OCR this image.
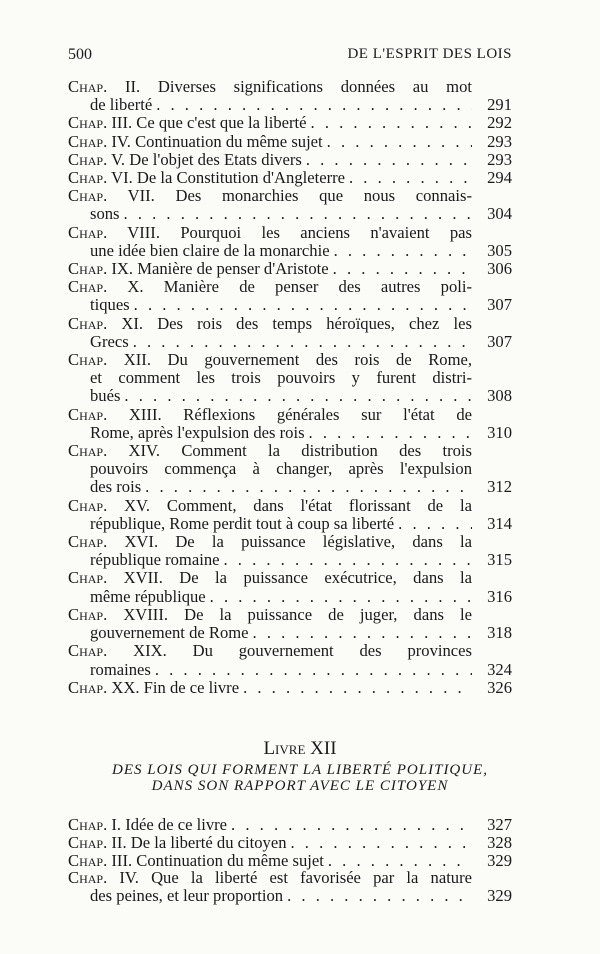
500	DE L'ESPRIT DES LOIS
Chap. II. Diverses significations données au mot
de liberté . . .	291
Chap. III. Ce que c'est que la liberté . . .	292
Chap. IV. Continuation du même sujet . . .	293
Chap. V. De l'objet des Etats divers . . .	293
Chap. VI. De la Constitution d'Angleterre . . .	294
Chap. VII. Des monarchies que nous connais-
sons . . .	304
Chap. VIII. Pourquoi les anciens n'avaient pas
une idée bien claire de la monarchie . . .	305
Chap. IX. Manière de penser d'Aristote . . .	306
Chap. X. Manière de penser des autres poli-
tiques . . .	307
Chap. XI. Des rois des temps héroïques, chez les
Grecs . . .	307
Chap. XII. Du gouvernement des rois de Rome,
et comment les trois pouvoirs y furent distri-
bués . . .	308
Chap. XIII. Réflexions générales sur l'état de
Rome, après l'expulsion des rois . . .	310
Chap. XIV. Comment la distribution des trois
pouvoirs commença à changer, après l'expulsion
des rois . . .	312
Chap. XV. Comment, dans l'état florissant de la
république, Rome perdit tout à coup sa liberté . . .	314
Chap. XVI. De la puissance législative, dans la
république romaine . . .	315
Chap. XVII. De la puissance exécutrice, dans la
même république . . .	316
Chap. XVIII. De la puissance de juger, dans le
gouvernement de Rome . . .	318
Chap. XIX. Du gouvernement des provinces
romaines . . .	324
Chap. XX. Fin de ce livre . . .	326
Livre XII
DES LOIS QUI FORMENT LA LIBERTÉ POLITIQUE,
DANS SON RAPPORT AVEC LE CITOYEN
Chap. I. Idée de ce livre . . .	327
Chap. II. De la liberté du citoyen . . .	328
Chap. III. Continuation du même sujet . . .	329
Chap. IV. Que la liberté est favorisée par la nature
des peines, et leur proportion . . .	329
